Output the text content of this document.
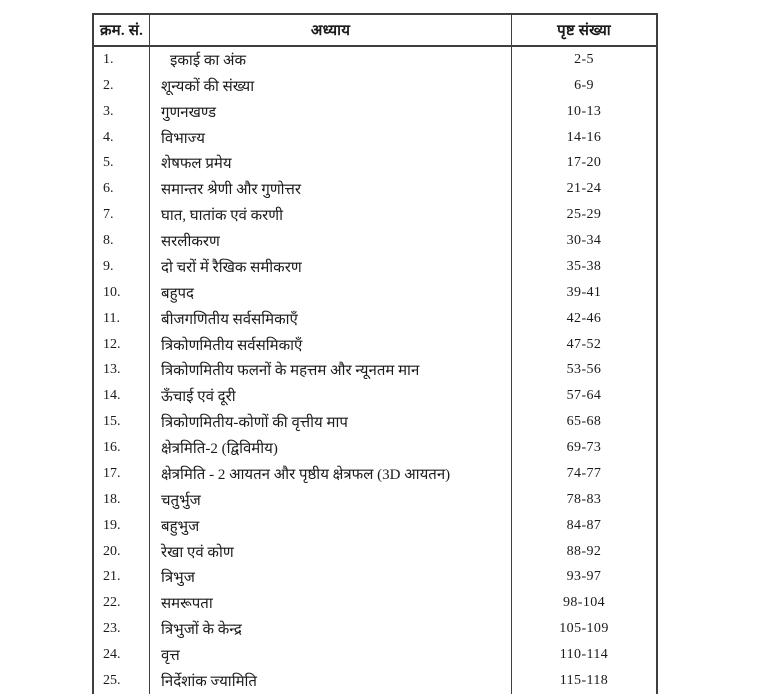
क्रम. सं.	अध्याय	पृष्ट संख्या
1.	इकाई का अंक	2-5
2.	शून्यकों की संख्या	6-9
3.	गुणनखण्ड	10-13
4.	विभाज्य	14-16
5.	शेषफल प्रमेय	17-20
6.	समान्तर श्रेणी और गुणोत्तर	21-24
7.	घात, घातांक एवं करणी	25-29
8.	सरलीकरण	30-34
9.	दो चरों में रैखिक समीकरण	35-38
10.	बहुपद	39-41
11.	बीजगणितीय सर्वसमिकाएँ	42-46
12.	त्रिकोणमितीय सर्वसमिकाएँ	47-52
13.	त्रिकोणमितीय फलनों के महत्तम और न्यूनतम मान	53-56
14.	ऊँचाई एवं दूरी	57-64
15.	त्रिकोणमितीय-कोणों की वृत्तीय माप	65-68
16.	क्षेत्रमिति-2 (द्विविमीय)	69-73
17.	क्षेत्रमिति - 2 आयतन और पृष्ठीय क्षेत्रफल (3D आयतन)	74-77
18.	चतुर्भुज	78-83
19.	बहुभुज	84-87
20.	रेखा एवं कोण	88-92
21.	त्रिभुज	93-97
22.	समरूपता	98-104
23.	त्रिभुजों के केन्द्र	105-109
24.	वृत्त	110-114
25.	निर्देशांक ज्यामिति	115-118
